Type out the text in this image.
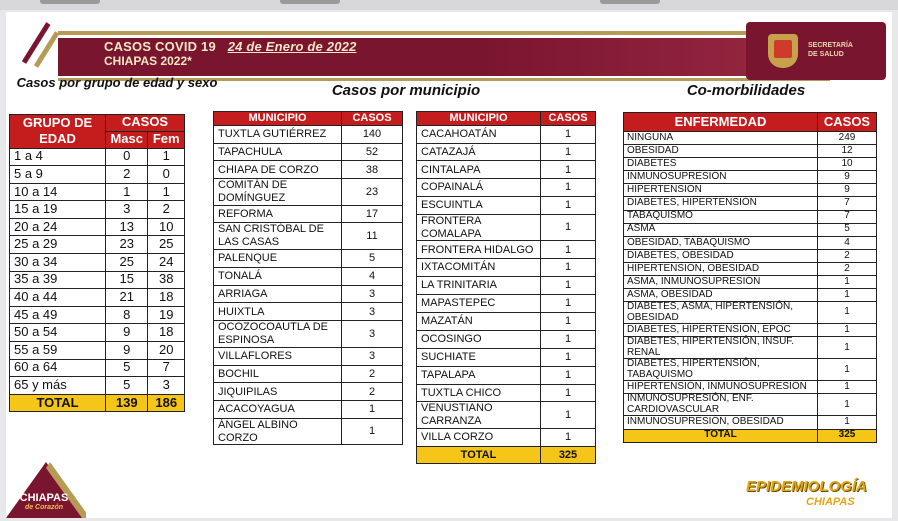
CASOS COVID 19 24 de Enero de 2022
CHIAPAS 2022*
SECRETARÍA
DE SALUD
Casos por grupo de edad y sexo	Casos por municipio	Co-morbilidades
GRUPO DE EDAD	CASOS	
	Masc	Fem
1 a 4	0	1
5 a 9	2	0
10 a 14	1	1
15 a 19	3	2
20 a 24	13	10
25 a 29	23	25
30 a 34	25	24
35 a 39	15	38
40 a 44	21	18
45 a 49	8	19
50 a 54	9	18
55 a 59	9	20
60 a 64	5	7
65 y más	5	3
TOTAL	139	186
MUNICIPIO	CASOS
TUXTLA GUTIÉRREZ	140
TAPACHULA	52
CHIAPA DE CORZO	38
COMITÁN DE DOMÍNGUEZ	23
REFORMA	17
SAN CRISTÓBAL DE LAS CASAS	11
PALENQUE	5
TONALÁ	4
ARRIAGA	3
HUIXTLA	3
OCOZOCOAUTLA DE ESPINOSA	3
VILLAFLORES	3
BOCHIL	2
JIQUIPILAS	2
ACACOYAGUA	1
ÁNGEL ALBINO CORZO	1
MUNICIPIO	CASOS
CACAHOATÁN	1
CATAZAJÁ	1
CINTALAPA	1
COPAINALÁ	1
ESCUINTLA	1
FRONTERA COMALAPA	1
FRONTERA HIDALGO	1
IXTACOMITÁN	1
LA TRINITARIA	1
MAPASTEPEC	1
MAZATÁN	1
OCOSINGO	1
SUCHIATE	1
TAPALAPA	1
TUXTLA CHICO	1
VENUSTIANO CARRANZA	1
VILLA CORZO	1
TOTAL	325
ENFERMEDAD	CASOS
NINGUNA	249
OBESIDAD	12
DIABETES	10
INMUNOSUPRESIÓN	9
HIPERTENSIÓN	9
DIABETES, HIPERTENSIÓN	7
TABAQUISMO	7
ASMA	5
OBESIDAD, TABAQUISMO	4
DIABETES, OBESIDAD	2
HIPERTENSIÓN, OBESIDAD	2
ASMA, INMUNOSUPRESIÓN	1
ASMA, OBESIDAD	1
DIABETES, ASMA, HIPERTENSIÓN, OBESIDAD	1
DIABETES, HIPERTENSIÓN, EPOC	1
DIABETES, HIPERTENSIÓN, INSUF. RENAL	1
DIABETES, HIPERTENSIÓN, TABAQUISMO	1
HIPERTENSIÓN, INMUNOSUPRESIÓN	1
INMUNOSUPRESIÓN, ENF. CARDIOVASCULAR	1
INMUNOSUPRESIÓN, OBESIDAD	1
TOTAL	325
CHIAPAS
de Corazón
EPIDEMIOLOGÍA
CHIAPAS
